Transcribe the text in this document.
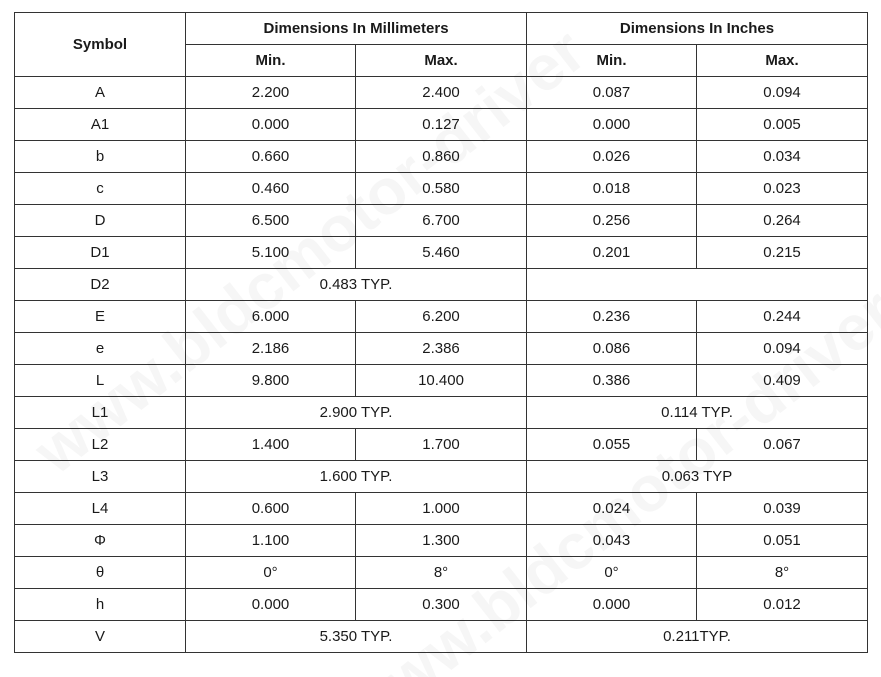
Symbol	Dimensions In Millimeters		Dimensions In Inches	
	Min.	Max.	Min.	Max.
A	2.200	2.400	0.087	0.094
A1	0.000	0.127	0.000	0.005
b	0.660	0.860	0.026	0.034
c	0.460	0.580	0.018	0.023
D	6.500	6.700	0.256	0.264
D1	5.100	5.460	0.201	0.215
D2	0.483 TYP.			
E	6.000	6.200	0.236	0.244
e	2.186	2.386	0.086	0.094
L	9.800	10.400	0.386	0.409
L1	2.900 TYP.		0.114 TYP.	
L2	1.400	1.700	0.055	0.067
L3	1.600 TYP.		0.063 TYP	
L4	0.600	1.000	0.024	0.039
Φ	1.100	1.300	0.043	0.051
θ	0°	8°	0°	8°
h	0.000	0.300	0.000	0.012
V	5.350 TYP.		0.211TYP.	
